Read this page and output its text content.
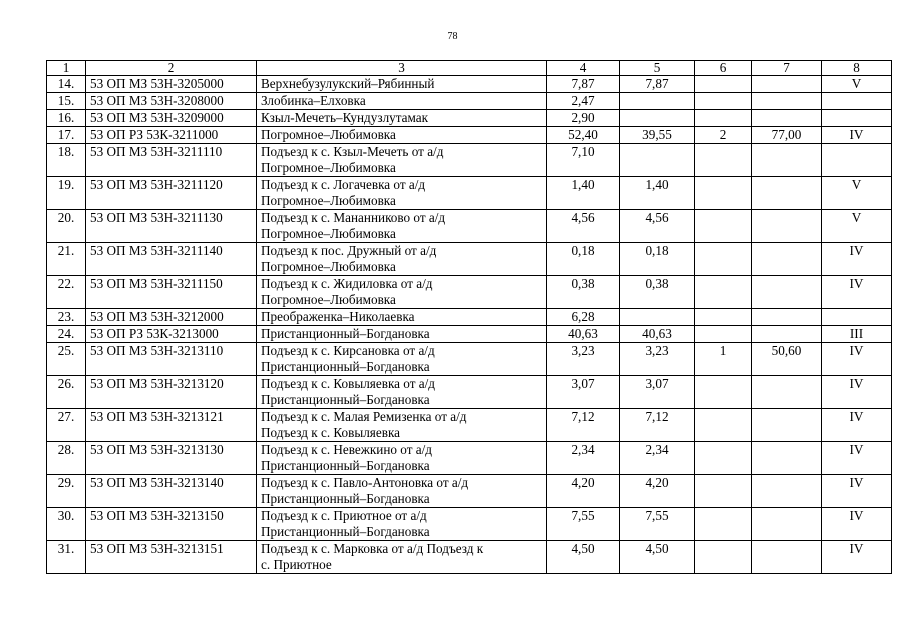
78
1	2	3	4	5	6	7	8
14.	53 ОП МЗ 53Н-3205000	Верхнебузулукский–Рябинный	7,87	7,87			V
15.	53 ОП МЗ 53Н-3208000	Злобинка–Елховка	2,47				
16.	53 ОП МЗ 53Н-3209000	Кзыл-Мечеть–Кундузлутамак	2,90				
17.	53 ОП РЗ 53К-3211000	Погромное–Любимовка	52,40	39,55	2	77,00	IV
18.	53 ОП МЗ 53Н-3211110	Подъезд к с. Кзыл-Мечеть от а/д
Погромное–Любимовка	7,10				
19.	53 ОП МЗ 53Н-3211120	Подъезд к с. Логачевка от а/д
Погромное–Любимовка	1,40	1,40			V
20.	53 ОП МЗ 53Н-3211130	Подъезд к с. Мананниково от а/д
Погромное–Любимовка	4,56	4,56			V
21.	53 ОП МЗ 53Н-3211140	Подъезд к пос. Дружный от а/д
Погромное–Любимовка	0,18	0,18			IV
22.	53 ОП МЗ 53Н-3211150	Подъезд к с. Жидиловка от а/д
Погромное–Любимовка	0,38	0,38			IV
23.	53 ОП МЗ 53Н-3212000	Преображенка–Николаевка	6,28				
24.	53 ОП РЗ 53К-3213000	Пристанционный–Богдановка	40,63	40,63			III
25.	53 ОП МЗ 53Н-3213110	Подъезд к с. Кирсановка от а/д
Пристанционный–Богдановка	3,23	3,23	1	50,60	IV
26.	53 ОП МЗ 53Н-3213120	Подъезд к с. Ковыляевка от а/д
Пристанционный–Богдановка	3,07	3,07			IV
27.	53 ОП МЗ 53Н-3213121	Подъезд к с. Малая Ремизенка от а/д
Подъезд к с. Ковыляевка	7,12	7,12			IV
28.	53 ОП МЗ 53Н-3213130	Подъезд к с. Невежкино от а/д
Пристанционный–Богдановка	2,34	2,34			IV
29.	53 ОП МЗ 53Н-3213140	Подъезд к с. Павло-Антоновка от а/д
Пристанционный–Богдановка	4,20	4,20			IV
30.	53 ОП МЗ 53Н-3213150	Подъезд к с. Приютное от а/д
Пристанционный–Богдановка	7,55	7,55			IV
31.	53 ОП МЗ 53Н-3213151	Подъезд к с. Марковка от а/д Подъезд к
с. Приютное	4,50	4,50			IV
